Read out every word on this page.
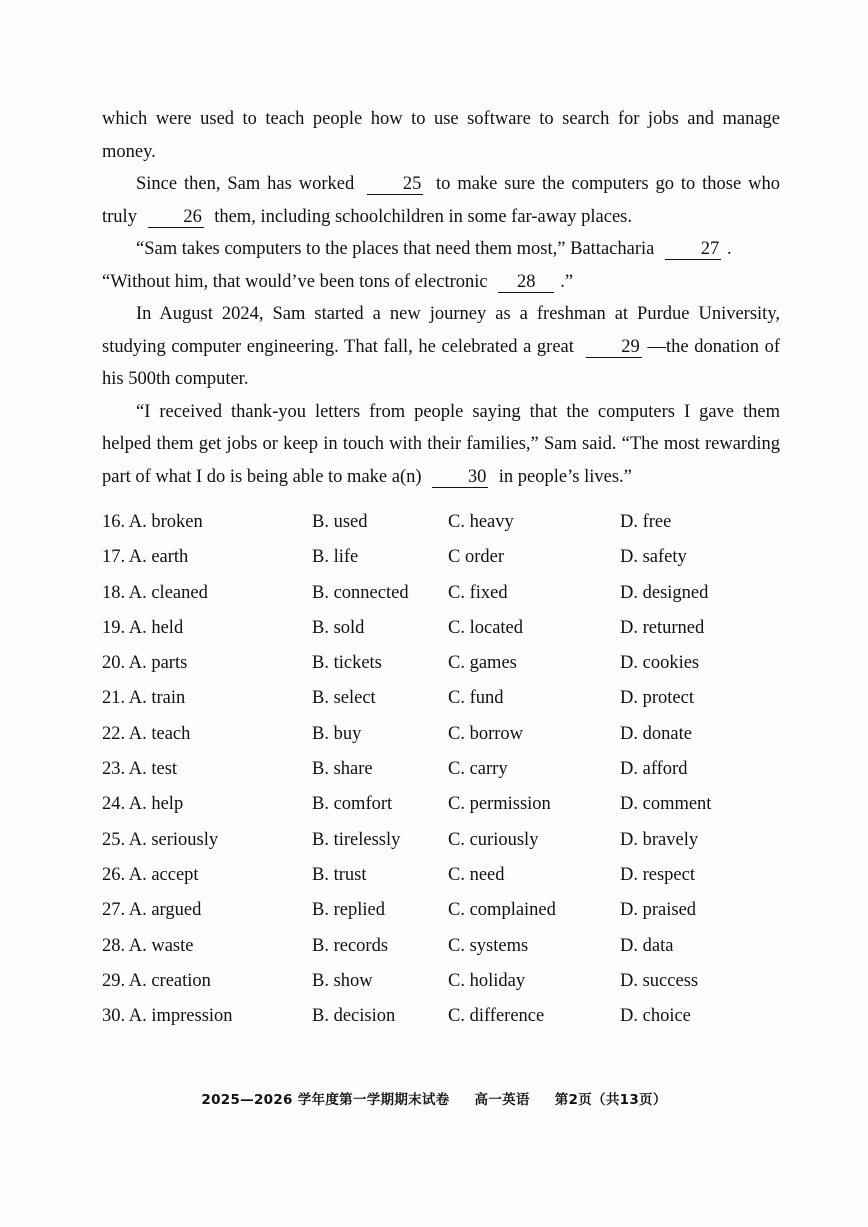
which were used to teach people how to use software to search for jobs and manage money.

Since then, Sam has worked	25 to make sure the computers go to those who truly	26 them, including schoolchildren in some far-away places.

“Sam takes computers to the places that need them most,” Battacharia	27 .

“Without him, that would’ve been tons of electronic 28 .”

In August 2024, Sam started a new journey as a freshman at Purdue University, studying computer engineering. That fall, he celebrated a great	29 —the donation of his 500th computer.

“I received thank-you letters from people saying that the computers I gave them helped them get jobs or keep in touch with their families,” Sam said. “The most rewarding part of what I do is being able to make a(n)	30 in people’s lives.”

16. A. broken	B. used	C. heavy	D. free
17. A. earth	B. life	C order	D. safety
18. A. cleaned	B. connected C. fixed	D. designed
19. A. held	B. sold	C. located	D. returned
20. A. parts	B. tickets	C. games	D. cookies
21. A. train	B. select	C. fund	D. protect
22. A. teach	B. buy	C. borrow	D. donate
23. A. test	B. share	C. carry	D. afford
24. A. help	B. comfort	C. permission	D. comment
25. A. seriously	B. tirelessly	C. curiously	D. bravely
26. A. accept	B. trust	C. need	D. respect
27. A. argued	B. replied	C. complained	D. praised
28. A. waste	B. records	C. systems	D. data
29. A. creation	B. show	C. holiday	D. success
30. A. impression	B. decision	C. difference	D. choice
2025—2026 学年度第一学期期末试卷 高一英语 第2页（共13页）
